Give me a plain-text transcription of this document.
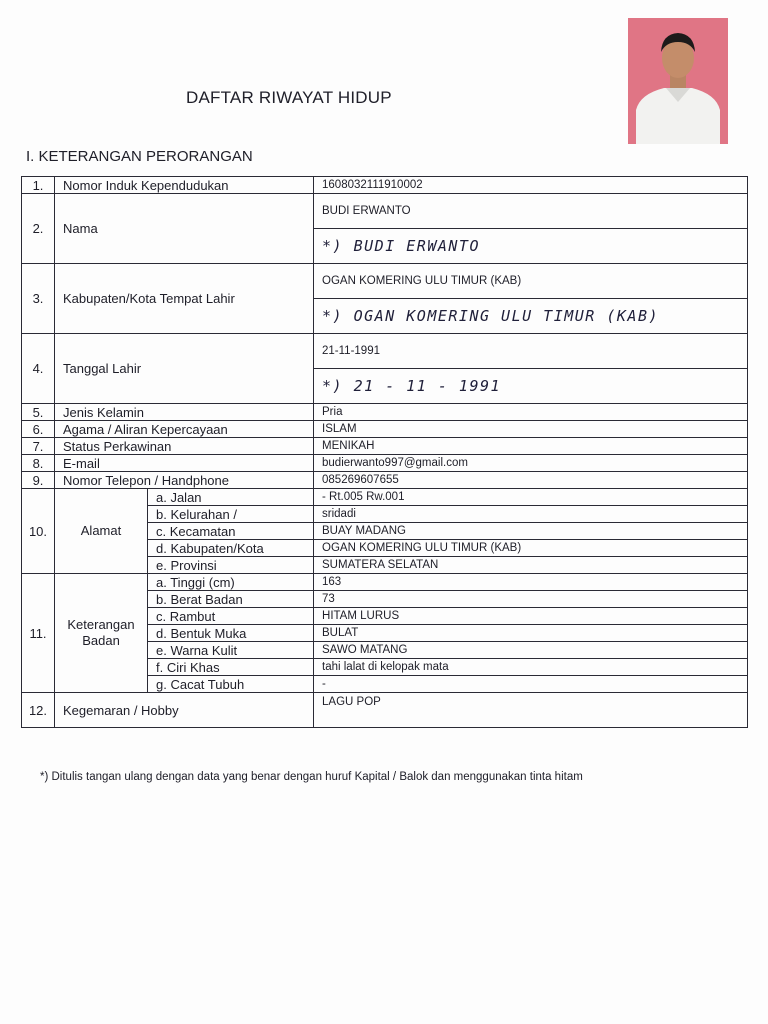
DAFTAR RIWAYAT HIDUP
I. KETERANGAN PERORANGAN
1.	Nomor Induk Kependudukan		1608032111910002
2.	Nama		BUDI ERWANTO
			*) BUDI ERWANTO
3.	Kabupaten/Kota Tempat Lahir		OGAN KOMERING ULU TIMUR (KAB)
			*) OGAN KOMERING ULU TIMUR (KAB)
4.	Tanggal Lahir		21-11-1991
			*) 21 - 11 - 1991
5.	Jenis Kelamin		Pria
6.	Agama / Aliran Kepercayaan		ISLAM
7.	Status Perkawinan		MENIKAH
8.	E-mail		budierwanto997@gmail.com
9.	Nomor Telepon / Handphone		085269607655
10.	Alamat	a. Jalan	- Rt.005 Rw.001
		b. Kelurahan /	sridadi
		c. Kecamatan	BUAY MADANG
		d. Kabupaten/Kota	OGAN KOMERING ULU TIMUR (KAB)
		e. Provinsi	SUMATERA SELATAN
11.	Keterangan Badan	a. Tinggi (cm)	163
		b. Berat Badan	73
		c. Rambut	HITAM LURUS
		d. Bentuk Muka	BULAT
		e. Warna Kulit	SAWO MATANG
		f. Ciri Khas	tahi lalat di kelopak mata
		g. Cacat Tubuh	-
12.	Kegemaran / Hobby		LAGU POP
*) Ditulis tangan ulang dengan data yang benar dengan huruf Kapital / Balok dan menggunakan tinta hitam
